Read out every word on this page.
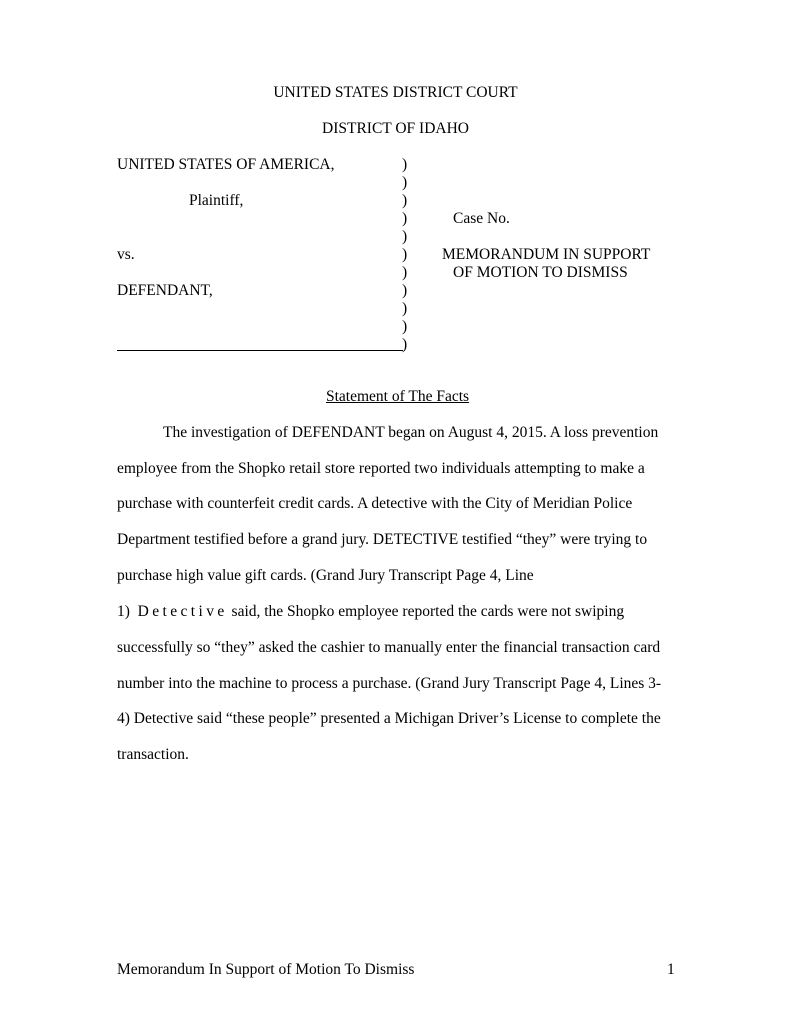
UNITED STATES DISTRICT COURT
DISTRICT OF IDAHO
UNITED STATES OF AMERICA,
Plaintiff,
vs.
DEFENDANT,
)
)
)
)
)
)
)
)
)
)
)
Case No.
MEMORANDUM IN SUPPORT
OF MOTION TO DISMISS
Statement of The Facts
The investigation of DEFENDANT began on August 4, 2015. A loss prevention
employee from the Shopko retail store reported two individuals attempting to make a
purchase with counterfeit credit cards. A detective with the City of Meridian Police
Department testified before a grand jury. DETECTIVE testified “they” were trying to
purchase high value gift cards. (Grand Jury Transcript Page 4, Line
1) Detective said, the Shopko employee reported the cards were not swiping
successfully so “they” asked the cashier to manually enter the financial transaction card
number into the machine to process a purchase. (Grand Jury Transcript Page 4, Lines 3-
4) Detective said “these people” presented a Michigan Driver’s License to complete the
transaction.
Memorandum In Support of Motion To Dismiss	1
